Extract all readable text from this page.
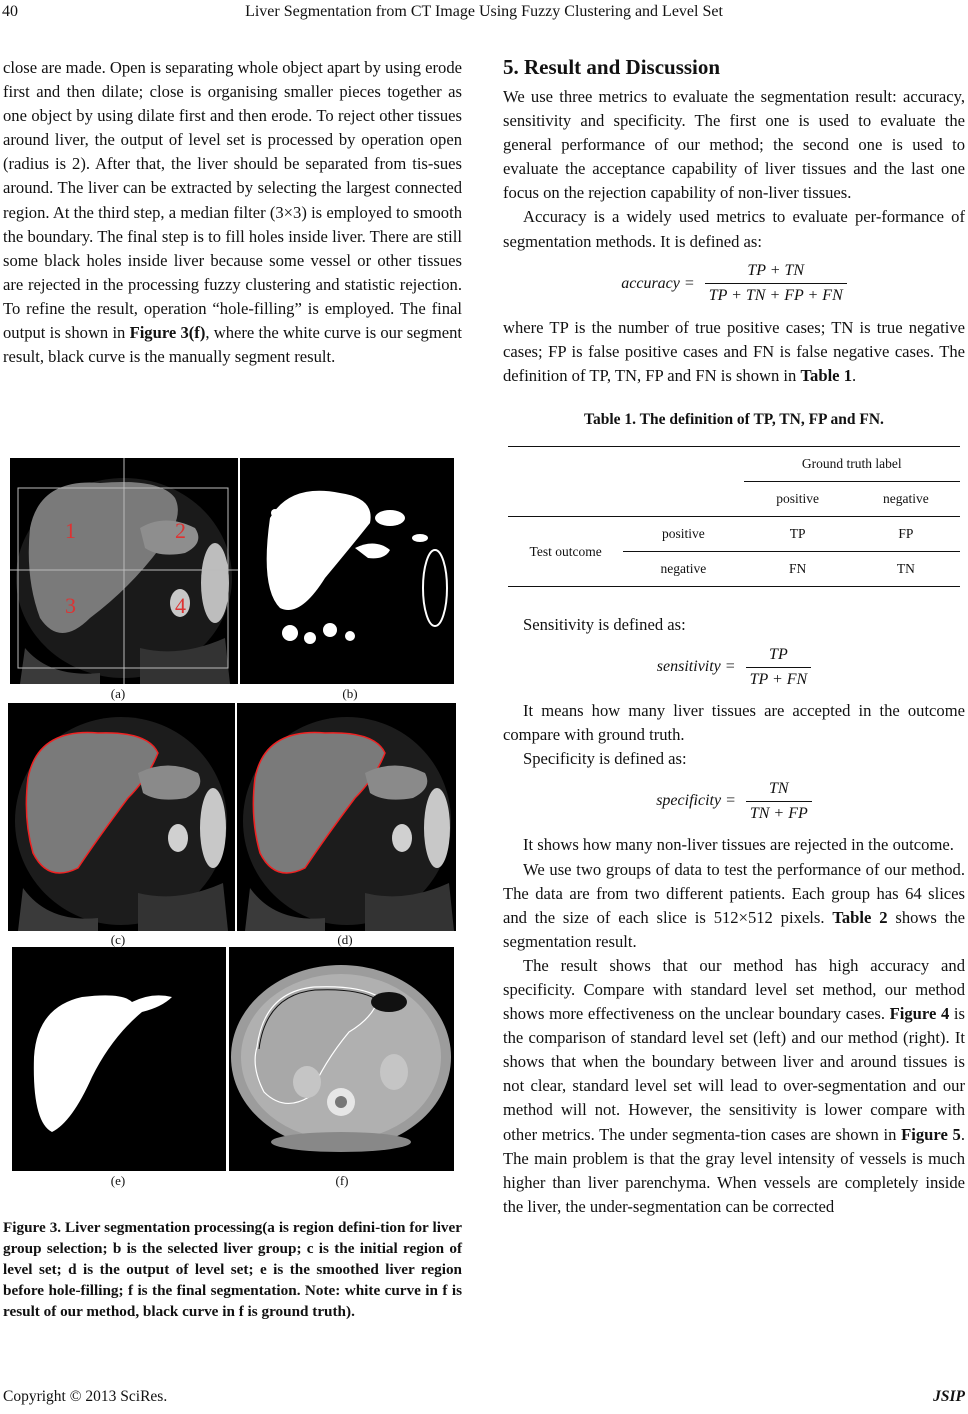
40	Liver Segmentation from CT Image Using Fuzzy Clustering and Level Set

close are made. Open is separating whole object apart by using erode first and then dilate; close is organising smaller pieces together as one object by using dilate first and then erode. To reject other tissues around liver, the output of level set is processed by operation open (radius is 2). After that, the liver should be separated from tis-sues around. The liver can be extracted by selecting the largest connected region. At the third step, a median filter (3×3) is employed to smooth the boundary. The final step is to fill holes inside liver. There are still some black holes inside liver because some vessel or other tissues are rejected in the processing fuzzy clustering and statistic rejection. To refine the result, operation “hole-filling” is employed. The final output is shown in Figure 3(f), where the white curve is our segment result, black curve is the manually segment result.

1	2
3	4
(a)	(b)
(c)	(d)
(e)	(f)
Figure 3. Liver segmentation processing(a is region defini-tion for liver group selection; b is the selected liver group; c is the initial region of level set; d is the output of level set; e is the smoothed liver region before hole-filling; f is the final segmentation. Note: white curve in f is result of our method, black curve in f is ground truth).
5. Result and Discussion

We use three metrics to evaluate the segmentation result: accuracy, sensitivity and specificity. The first one is used to evaluate the general performance of our method; the second one is used to evaluate the acceptance capability of liver tissues and the last one focus on the rejection capability of non-liver tissues.

Accuracy is a widely used metrics to evaluate per-formance of segmentation methods. It is defined as:

accuracy = $\frac{TP + TN}{TP + TN + FP + FN}$

where TP is the number of true positive cases; TN is true negative cases; FP is false positive cases and FN is false negative cases. The definition of TP, TN, FP and FN is shown in Table 1.

Table 1. The definition of TP, TN, FP and FN.
		Ground truth label	
		positive	negative
Test outcome	positive	TP	FP
	negative	FN	TN

Sensitivity is defined as:

sensitivity = $\frac{TP}{TP + FN}$

It means how many liver tissues are accepted in the outcome compare with ground truth.

Specificity is defined as:

specificity = $\frac{TN}{TN + FP}$

It shows how many non-liver tissues are rejected in the outcome.

We use two groups of data to test the performance of our method. The data are from two different patients. Each group has 64 slices and the size of each slice is 512×512 pixels. Table 2 shows the segmentation result.

The result shows that our method has high accuracy and specificity. Compare with standard level set method, our method shows more effectiveness on the unclear boundary cases. Figure 4 is the comparison of standard level set (left) and our method (right). It shows that when the boundary between liver and around tissues is not clear, standard level set will lead to over-segmentation and our method will not. However, the sensitivity is lower compare with other metrics. The under segmenta-tion cases are shown in Figure 5. The main problem is that the gray level intensity of vessels is much higher than liver parenchyma. When vessels are completely inside the liver, the under-segmentation can be corrected

Copyright © 2013 SciRes.	JSIP
